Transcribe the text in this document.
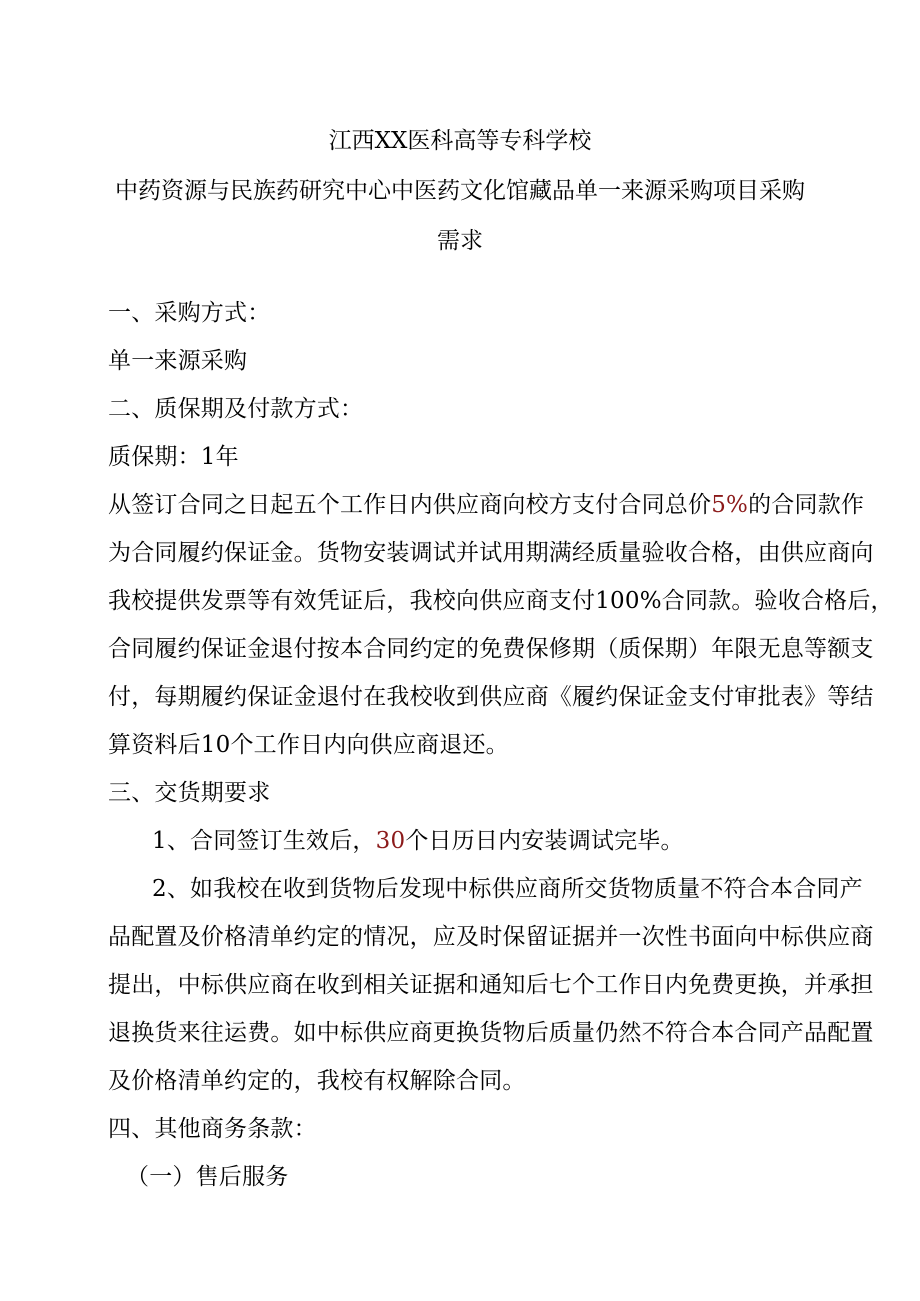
江西XX医科高等专科学校
中药资源与民族药研究中心中医药文化馆藏品单一来源采购项目采购
需求
一、采购方式：
单一来源采购
二、质保期及付款方式：
质保期：1年
从签订合同之日起五个工作日内供应商向校方支付合同总价5%的合同款作
为合同履约保证金。货物安装调试并试用期满经质量验收合格，由供应商向
我校提供发票等有效凭证后，我校向供应商支付100%合同款。验收合格后，
合同履约保证金退付按本合同约定的免费保修期（质保期）年限无息等额支
付，每期履约保证金退付在我校收到供应商《履约保证金支付审批表》等结
算资料后10个工作日内向供应商退还。
三、交货期要求
1、合同签订生效后，30个日历日内安装调试完毕。
2、如我校在收到货物后发现中标供应商所交货物质量不符合本合同产
品配置及价格清单约定的情况，应及时保留证据并一次性书面向中标供应商
提出，中标供应商在收到相关证据和通知后七个工作日内免费更换，并承担
退换货来往运费。如中标供应商更换货物后质量仍然不符合本合同产品配置
及价格清单约定的，我校有权解除合同。
四、其他商务条款：
（一）售后服务
